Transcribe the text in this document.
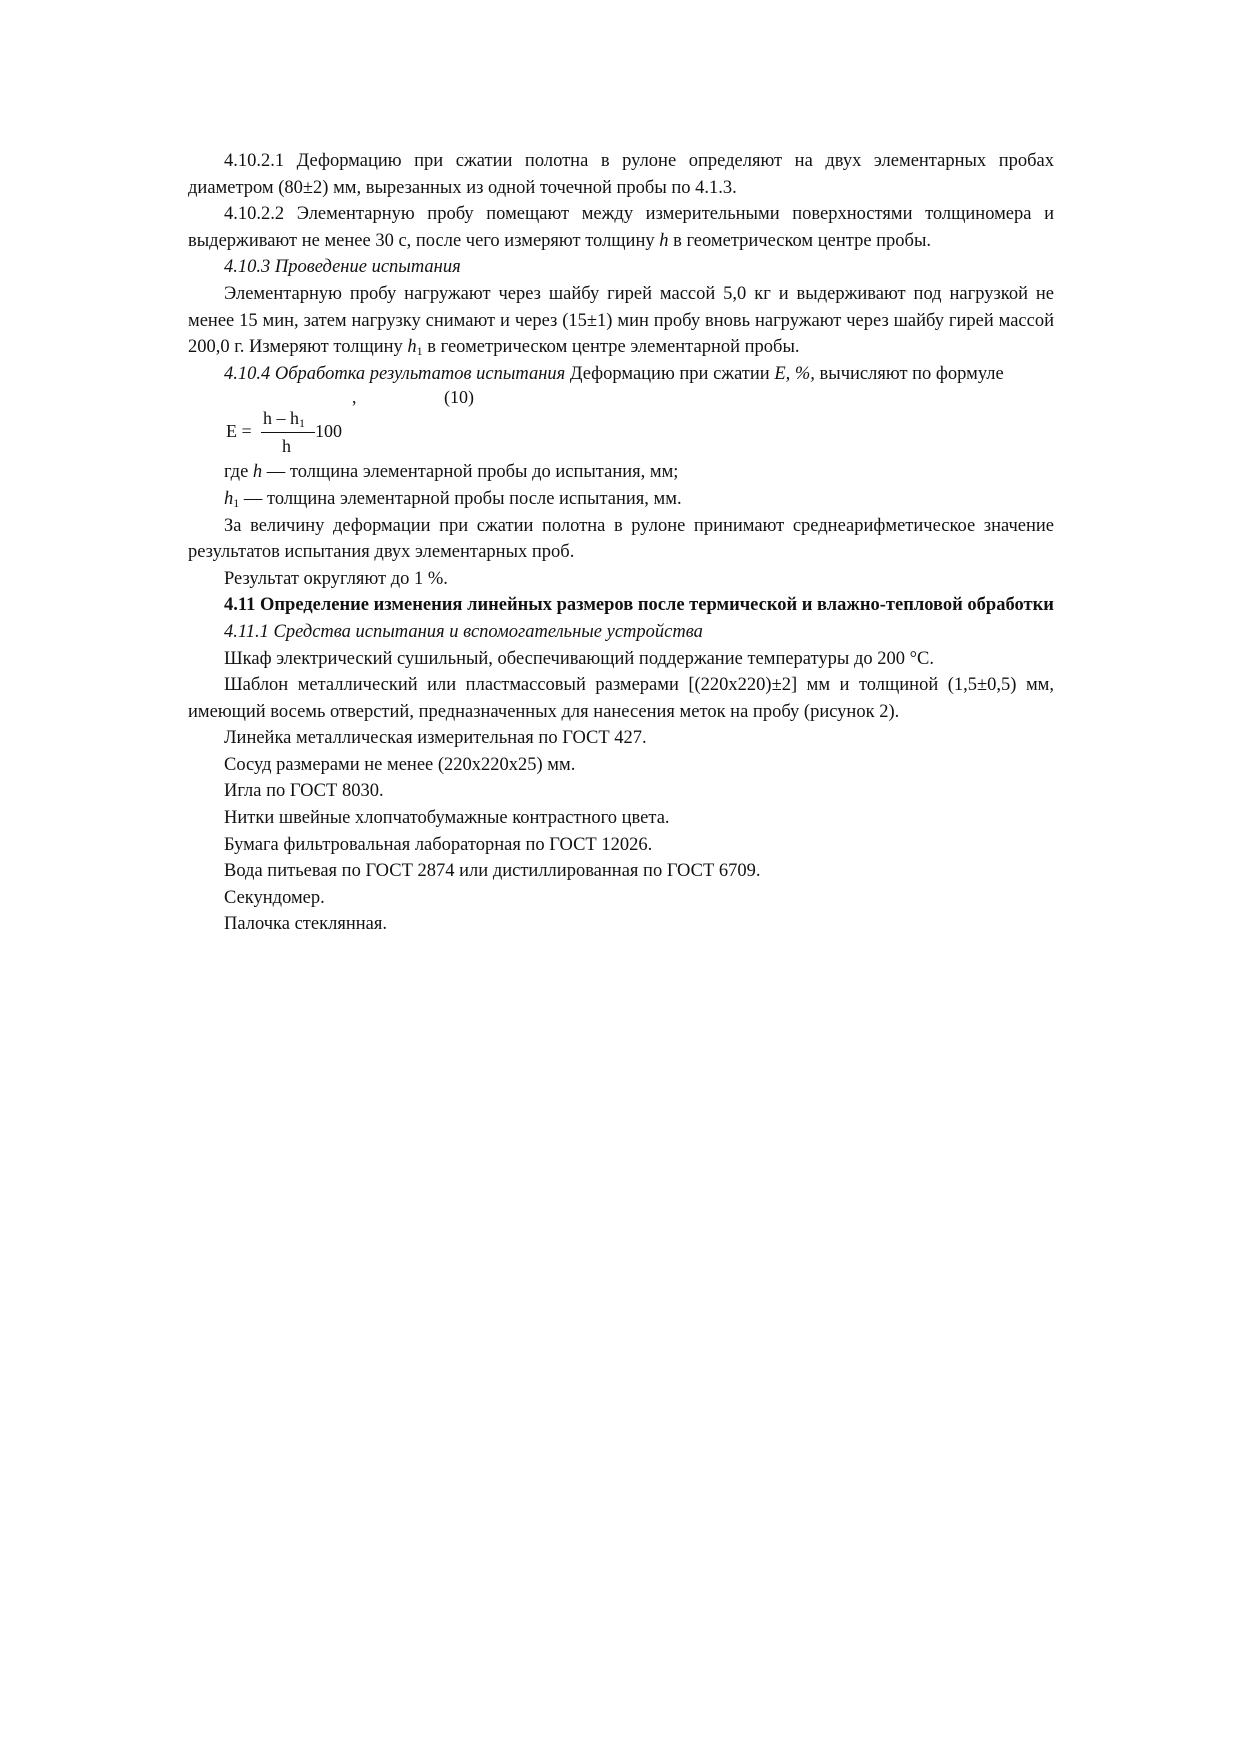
4.10.2.1 Деформацию при сжатии полотна в рулоне определяют на двух элементарных пробах диаметром (80±2) мм, вырезанных из одной точечной пробы по 4.1.3.

4.10.2.2 Элементарную пробу помещают между измерительными поверхностями толщиномера и выдерживают не менее 30 с, после чего измеряют толщину h в геометрическом центре пробы.

4.10.3 Проведение испытания

Элементарную пробу нагружают через шайбу гирей массой 5,0 кг и выдерживают под нагрузкой не менее 15 мин, затем нагрузку снимают и через (15±1) мин пробу вновь нагружают через шайбу гирей массой 200,0 г. Измеряют толщину $h_1$ в геометрическом центре элементарной пробы.

4.10.4 Обработка результатов испытания Деформацию при сжатии E, %, вычисляют по формуле

,	(10)
h – $h_1$
E =	100
h

где h — толщина элементарной пробы до испытания, мм;

$h_1$ — толщина элементарной пробы после испытания, мм.

За величину деформации при сжатии полотна в рулоне принимают среднеарифметическое значение результатов испытания двух элементарных проб.

Результат округляют до 1 %.

4.11 Определение изменения линейных размеров после термической и влажно-тепловой обработки

4.11.1 Средства испытания и вспомогательные устройства

Шкаф электрический сушильный, обеспечивающий поддержание температуры до 200 °С.

Шаблон металлический или пластмассовый размерами [(220x220)±2] мм и толщиной (1,5±0,5) мм, имеющий восемь отверстий, предназначенных для нанесения меток на пробу (рисунок 2).

Линейка металлическая измерительная по ГОСТ 427.

Сосуд размерами не менее (220x220x25) мм.

Игла по ГОСТ 8030.

Нитки швейные хлопчатобумажные контрастного цвета.

Бумага фильтровальная лабораторная по ГОСТ 12026.

Вода питьевая по ГОСТ 2874 или дистиллированная по ГОСТ 6709.

Секундомер.

Палочка стеклянная.
